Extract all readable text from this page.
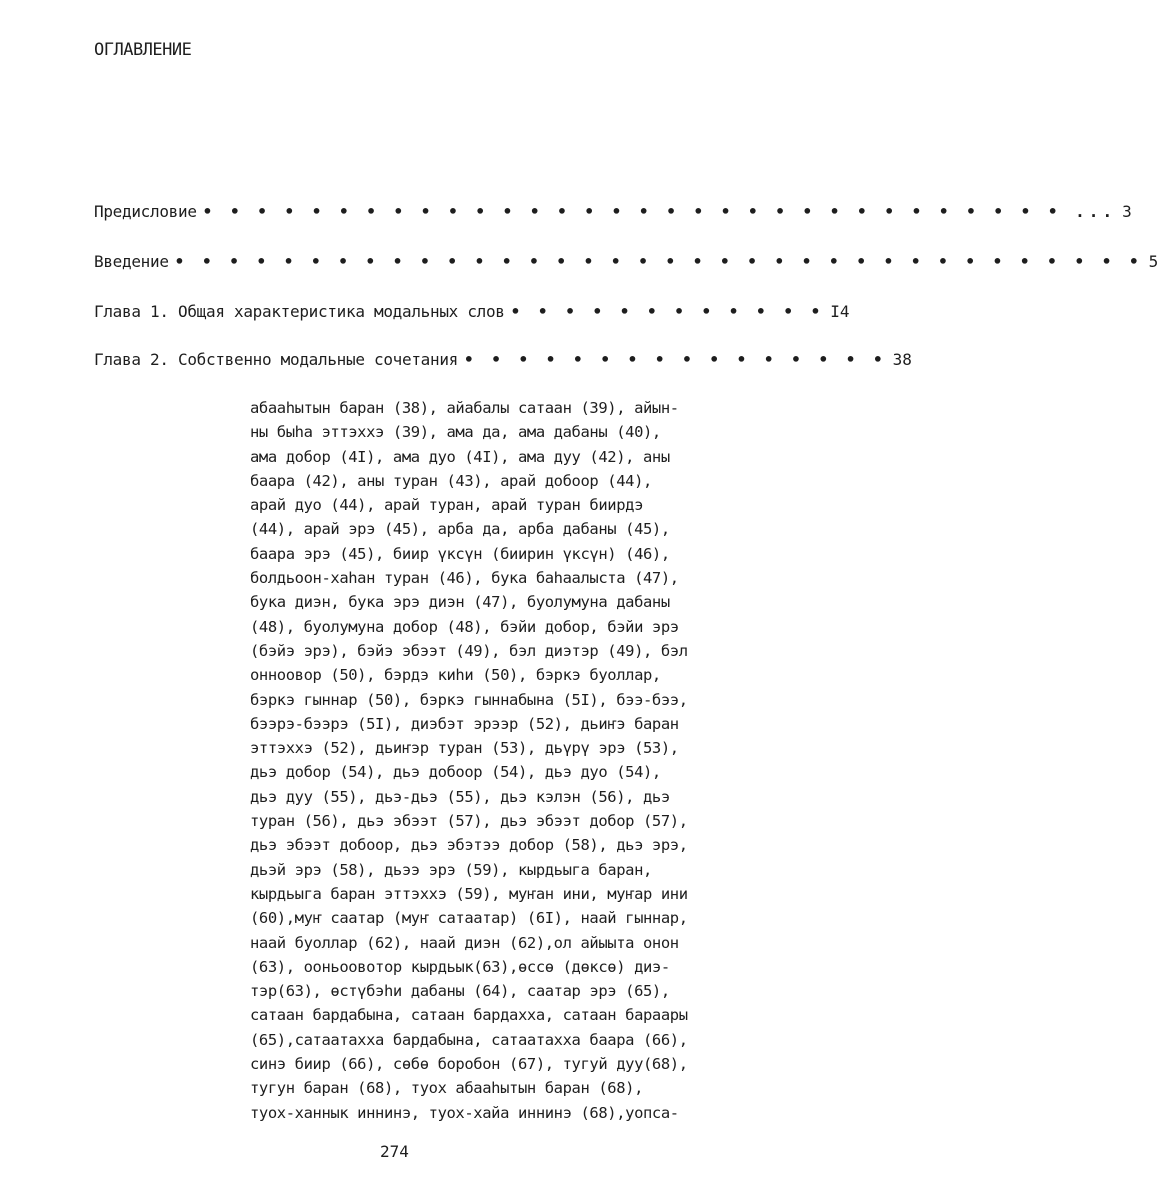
ОГЛАВЛЕНИЕ
Предисловие • • • • • • • • • • • • • • • • • • • • • • • • • • • • • • • • ... 3
Введение • • • • • • • • • • • • • • • • • • • • • • • • • • • • • • • • • • • • 5
Глава 1. Общая характеристика модальных слов • • • • • • • • • • • • I4
Глава 2. Собственно модальные сочетания • • • • • • • • • • • • • • • • 38
абааhытын баран (38), айабалы сатаан (39), айын-
ны быhа эттэххэ (39), ама да, ама дабаны (40),
ама добор (4I), ама дуо (4I), ама дуу (42), аны
баара (42), аны туран (43), арай добоор (44),
арай дуо (44), арай туран, арай туран биирдэ
(44), арай эрэ (45), арба да, арба дабаны (45),
баара эрэ (45), биир үксүн (биирин үксүн) (46),
болдьоон-хаhан туран (46), бука баhаалыста (47),
бука диэн, бука эрэ диэн (47), буолумуна дабаны
(48), буолумуна добор (48), бэйи добор, бэйи эрэ
(бэйэ эрэ), бэйэ эбээт (49), бэл диэтэр (49), бэл
онноовор (50), бэрдэ киhи (50), бэркэ буоллар,
бэркэ гыннар (50), бэркэ гыннабына (5I), бээ-бээ,
бээрэ-бээрэ (5I), диэбэт эрээр (52), дьиҥэ баран
эттэххэ (52), дьиҥэр туран (53), дьүрү эрэ (53),
дьэ добор (54), дьэ добоор (54), дьэ дуо (54),
дьэ дуу (55), дьэ-дьэ (55), дьэ кэлэн (56), дьэ
туран (56), дьэ эбээт (57), дьэ эбээт добор (57),
дьэ эбээт добоор, дьэ эбэтээ добор (58), дьэ эрэ,
дьэй эрэ (58), дьээ эрэ (59), кырдьыга баран,
кырдьыга баран эттэххэ (59), муҥан ини, муҥар ини
(60),муҥ саатар (муҥ сатаатар) (6I), наай гыннар,
наай буоллар (62), наай диэн (62),ол айыыта онон
(63), ооньоовотор кырдьык(63),өссө (дөксө) диэ-
тэр(63), өстүбэhи дабаны (64), саатар эрэ (65),
сатаан бардабына, сатаан бардахха, сатаан бараары
(65),сатаатахха бардабына, сатаатахха баара (66),
синэ биир (66), сөбө боробон (67), тугуй дуу(68),
тугун баран (68), туох абааhытын баран (68),
туох-ханнык иннинэ, туох-хайа иннинэ (68),уопса-
274
